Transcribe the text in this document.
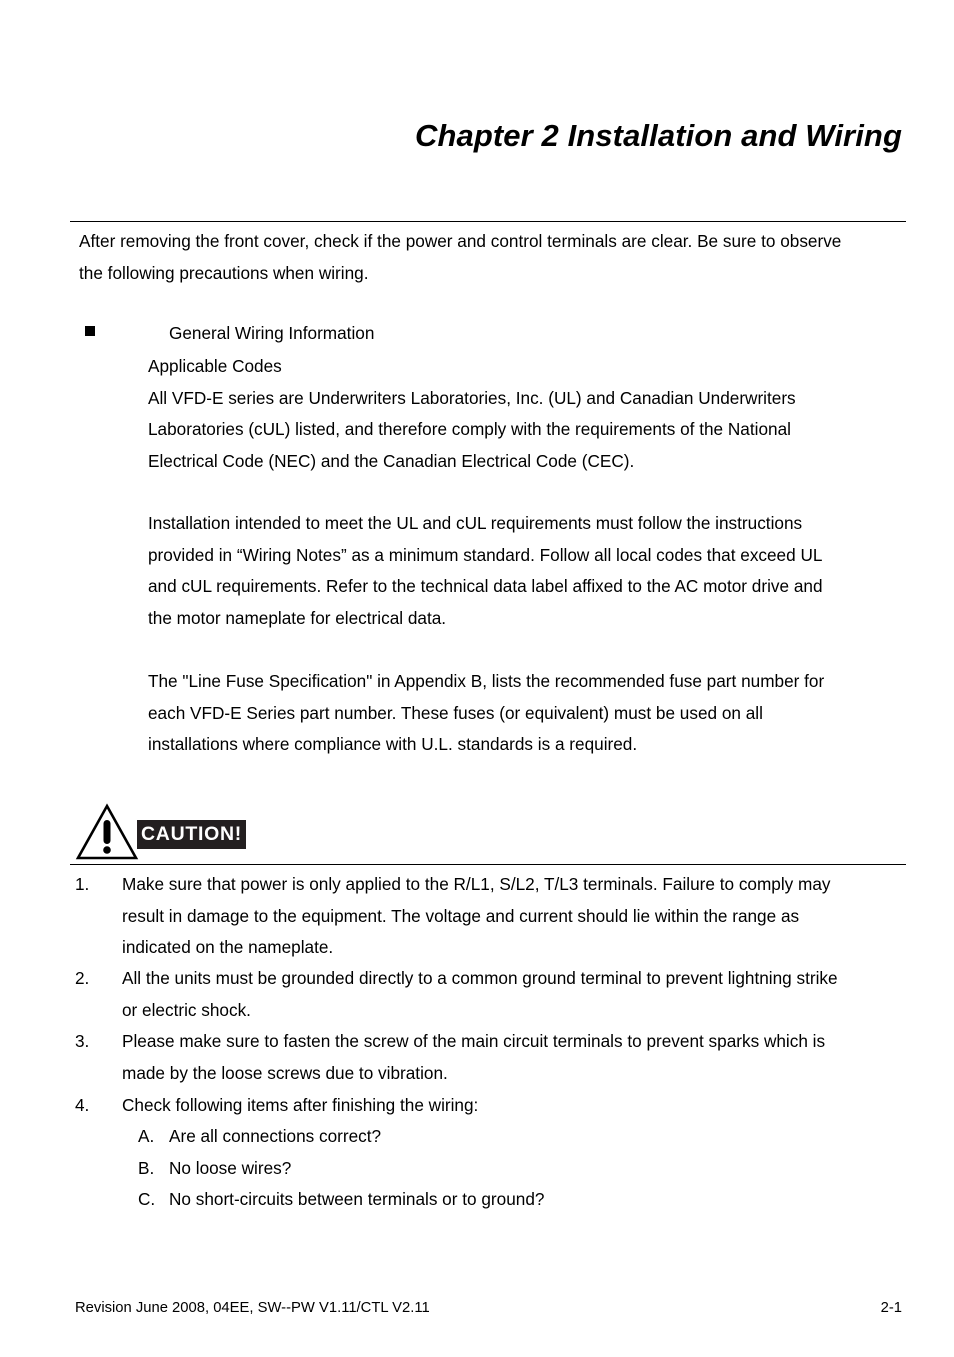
Chapter 2 Installation and Wiring
After removing the front cover, check if the power and control terminals are clear. Be sure to observe
the following precautions when wiring.
General Wiring Information
Applicable Codes
All VFD-E series are Underwriters Laboratories, Inc. (UL) and Canadian Underwriters
Laboratories (cUL) listed, and therefore comply with the requirements of the National
Electrical Code (NEC) and the Canadian Electrical Code (CEC).
Installation intended to meet the UL and cUL requirements must follow the instructions
provided in “Wiring Notes” as a minimum standard. Follow all local codes that exceed UL
and cUL requirements. Refer to the technical data label affixed to the AC motor drive and
the motor nameplate for electrical data.
The "Line Fuse Specification" in Appendix B, lists the recommended fuse part number for
each VFD-E Series part number. These fuses (or equivalent) must be used on all
installations where compliance with U.L. standards is a required.
CAUTION!
1. Make sure that power is only applied to the R/L1, S/L2, T/L3 terminals. Failure to comply may
result in damage to the equipment. The voltage and current should lie within the range as
indicated on the nameplate.
2. All the units must be grounded directly to a common ground terminal to prevent lightning strike
or electric shock.
3. Please make sure to fasten the screw of the main circuit terminals to prevent sparks which is
made by the loose screws due to vibration.
4. Check following items after finishing the wiring:
A. Are all connections correct?
B. No loose wires?
C. No short-circuits between terminals or to ground?
Revision June 2008, 04EE, SW--PW V1.11/CTL V2.11	2-1
